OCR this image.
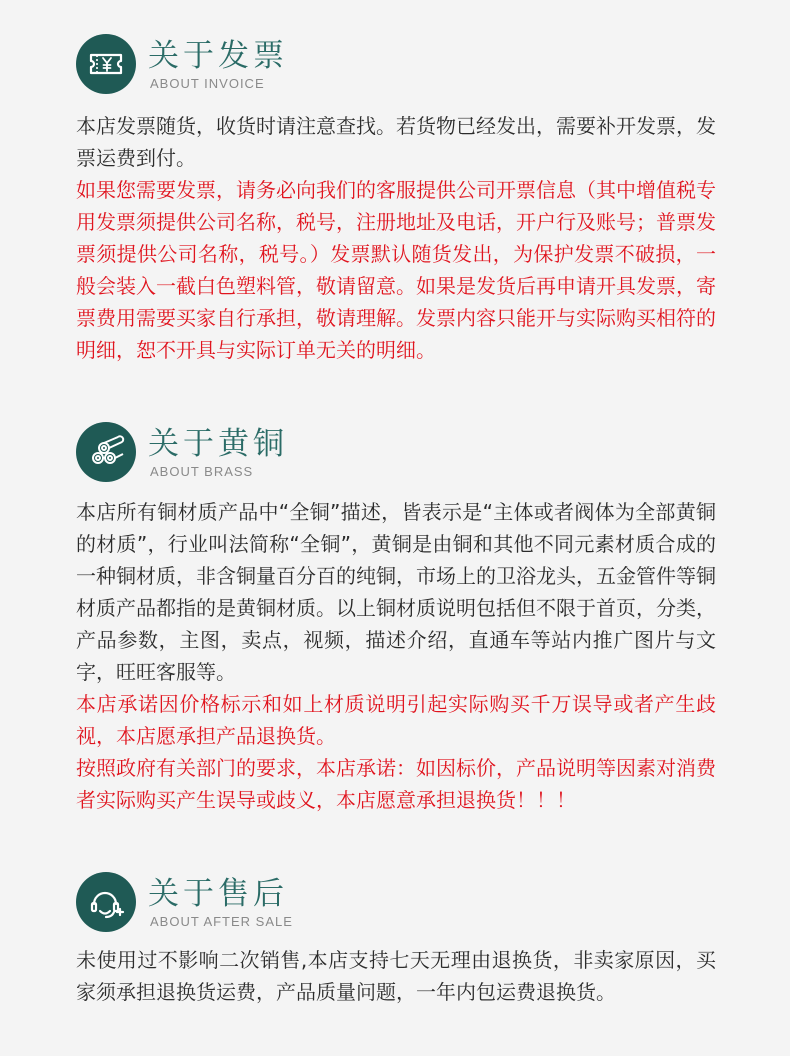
关于发票
ABOUT INVOICE

本店发票随货，收货时请注意查找。若货物已经发出，需要补开发票，发票运费到付。

如果您需要发票，请务必向我们的客服提供公司开票信息（其中增值税专用发票须提供公司名称，税号，注册地址及电话，开户行及账号；普票发票须提供公司名称，税号。）发票默认随货发出，为保护发票不破损，一般会装入一截白色塑料管，敬请留意。如果是发货后再申请开具发票，寄票费用需要买家自行承担，敬请理解。发票内容只能开与实际购买相符的明细，恕不开具与实际订单无关的明细。

关于黄铜
ABOUT BRASS

本店所有铜材质产品中“全铜”描述，皆表示是“主体或者阀体为全部黄铜的材质”，行业叫法简称“全铜”，黄铜是由铜和其他不同元素材质合成的一种铜材质，非含铜量百分百的纯铜，市场上的卫浴龙头，五金管件等铜材质产品都指的是黄铜材质。以上铜材质说明包括但不限于首页，分类，产品参数，主图，卖点，视频，描述介绍，直通车等站内推广图片与文字，旺旺客服等。

本店承诺因价格标示和如上材质说明引起实际购买千万误导或者产生歧视，本店愿承担产品退换货。

按照政府有关部门的要求，本店承诺：如因标价，产品说明等因素对消费者实际购买产生误导或歧义，本店愿意承担退换货！！！

关于售后
ABOUT AFTER SALE

未使用过不影响二次销售,本店支持七天无理由退换货，非卖家原因，买家须承担退换货运费，产品质量问题，一年内包运费退换货。
